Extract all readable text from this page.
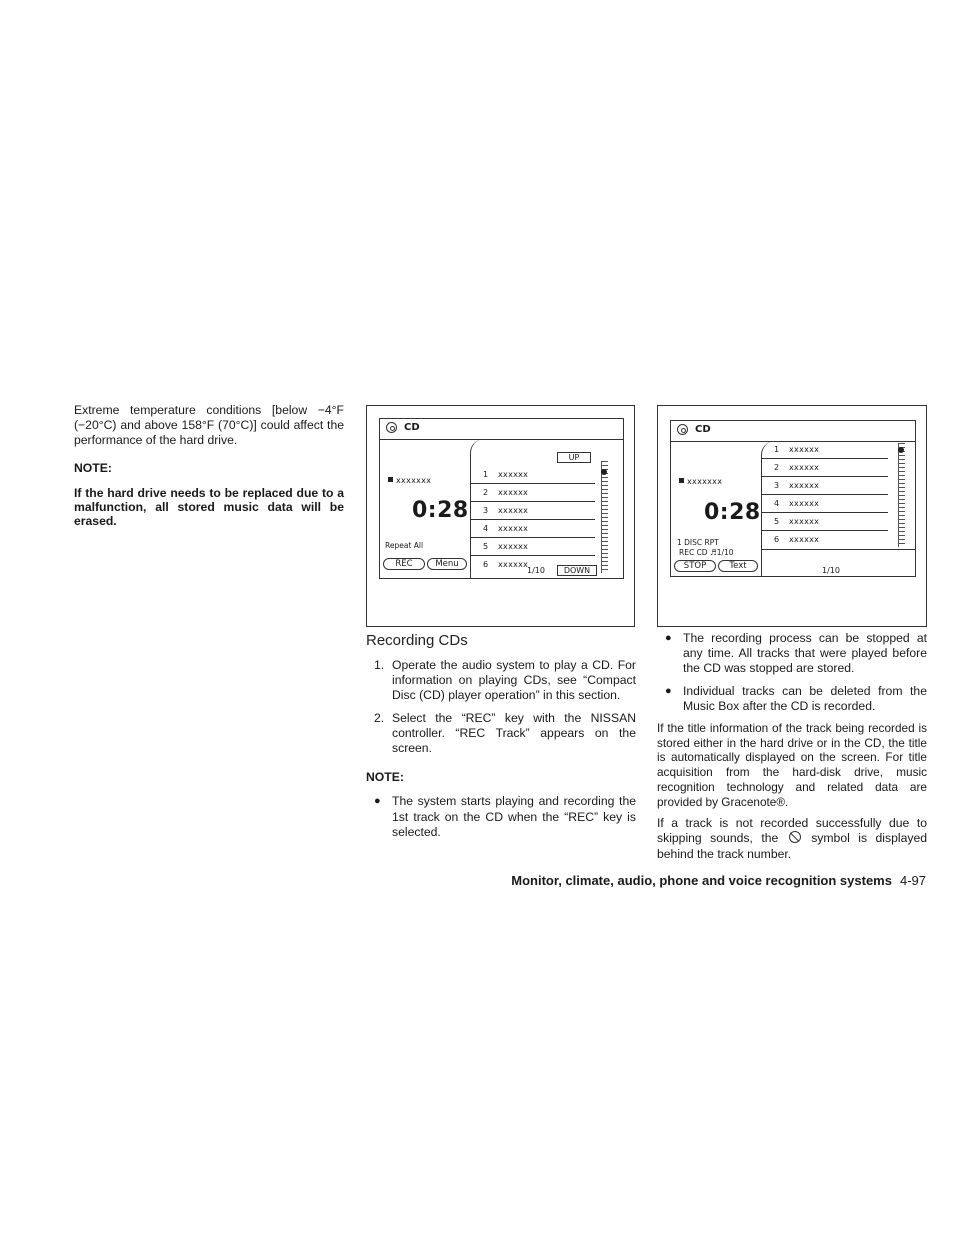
Extreme temperature conditions [below −4°F (−20°C) and above 158°F (70°C)] could affect the performance of the hard drive.

NOTE:

If the hard drive needs to be replaced due to a malfunction, all stored music data will be erased.

CD
UP
1 xxxxxx
2 xxxxxx
3 xxxxxx
4 xxxxxx
5 xxxxxx
6 xxxxxx
DOWN
1/10
xxxxxxx
0:28
Repeat All
REC	Menu
CD
1 xxxxxx
2 xxxxxx
3 xxxxxx
4 xxxxxx
5 xxxxxx
6 xxxxxx
1/10
xxxxxxx
0:28
1 DISC RPT
REC CD ♬1/10
STOP	Text

Recording CDs

1. Operate the audio system to play a CD. For information on playing CDs, see “Compact Disc (CD) player operation” in this section.
2. Select the “REC” key with the NISSAN controller. “REC Track” appears on the screen.

NOTE:

● The system starts playing and recording the 1st track on the CD when the “REC” key is selected.
● The recording process can be stopped at any time. All tracks that were played before the CD was stopped are stored.
● Individual tracks can be deleted from the Music Box after the CD is recorded.

If the title information of the track being recorded is stored either in the hard drive or in the CD, the title is automatically displayed on the screen. For title acquisition from the hard-disk drive, music recognition technology and related data are provided by Gracenote®.

If a track is not recorded successfully due to skipping sounds, the	symbol is displayed behind the track number.

Monitor, climate, audio, phone and voice recognition systems 4-97
